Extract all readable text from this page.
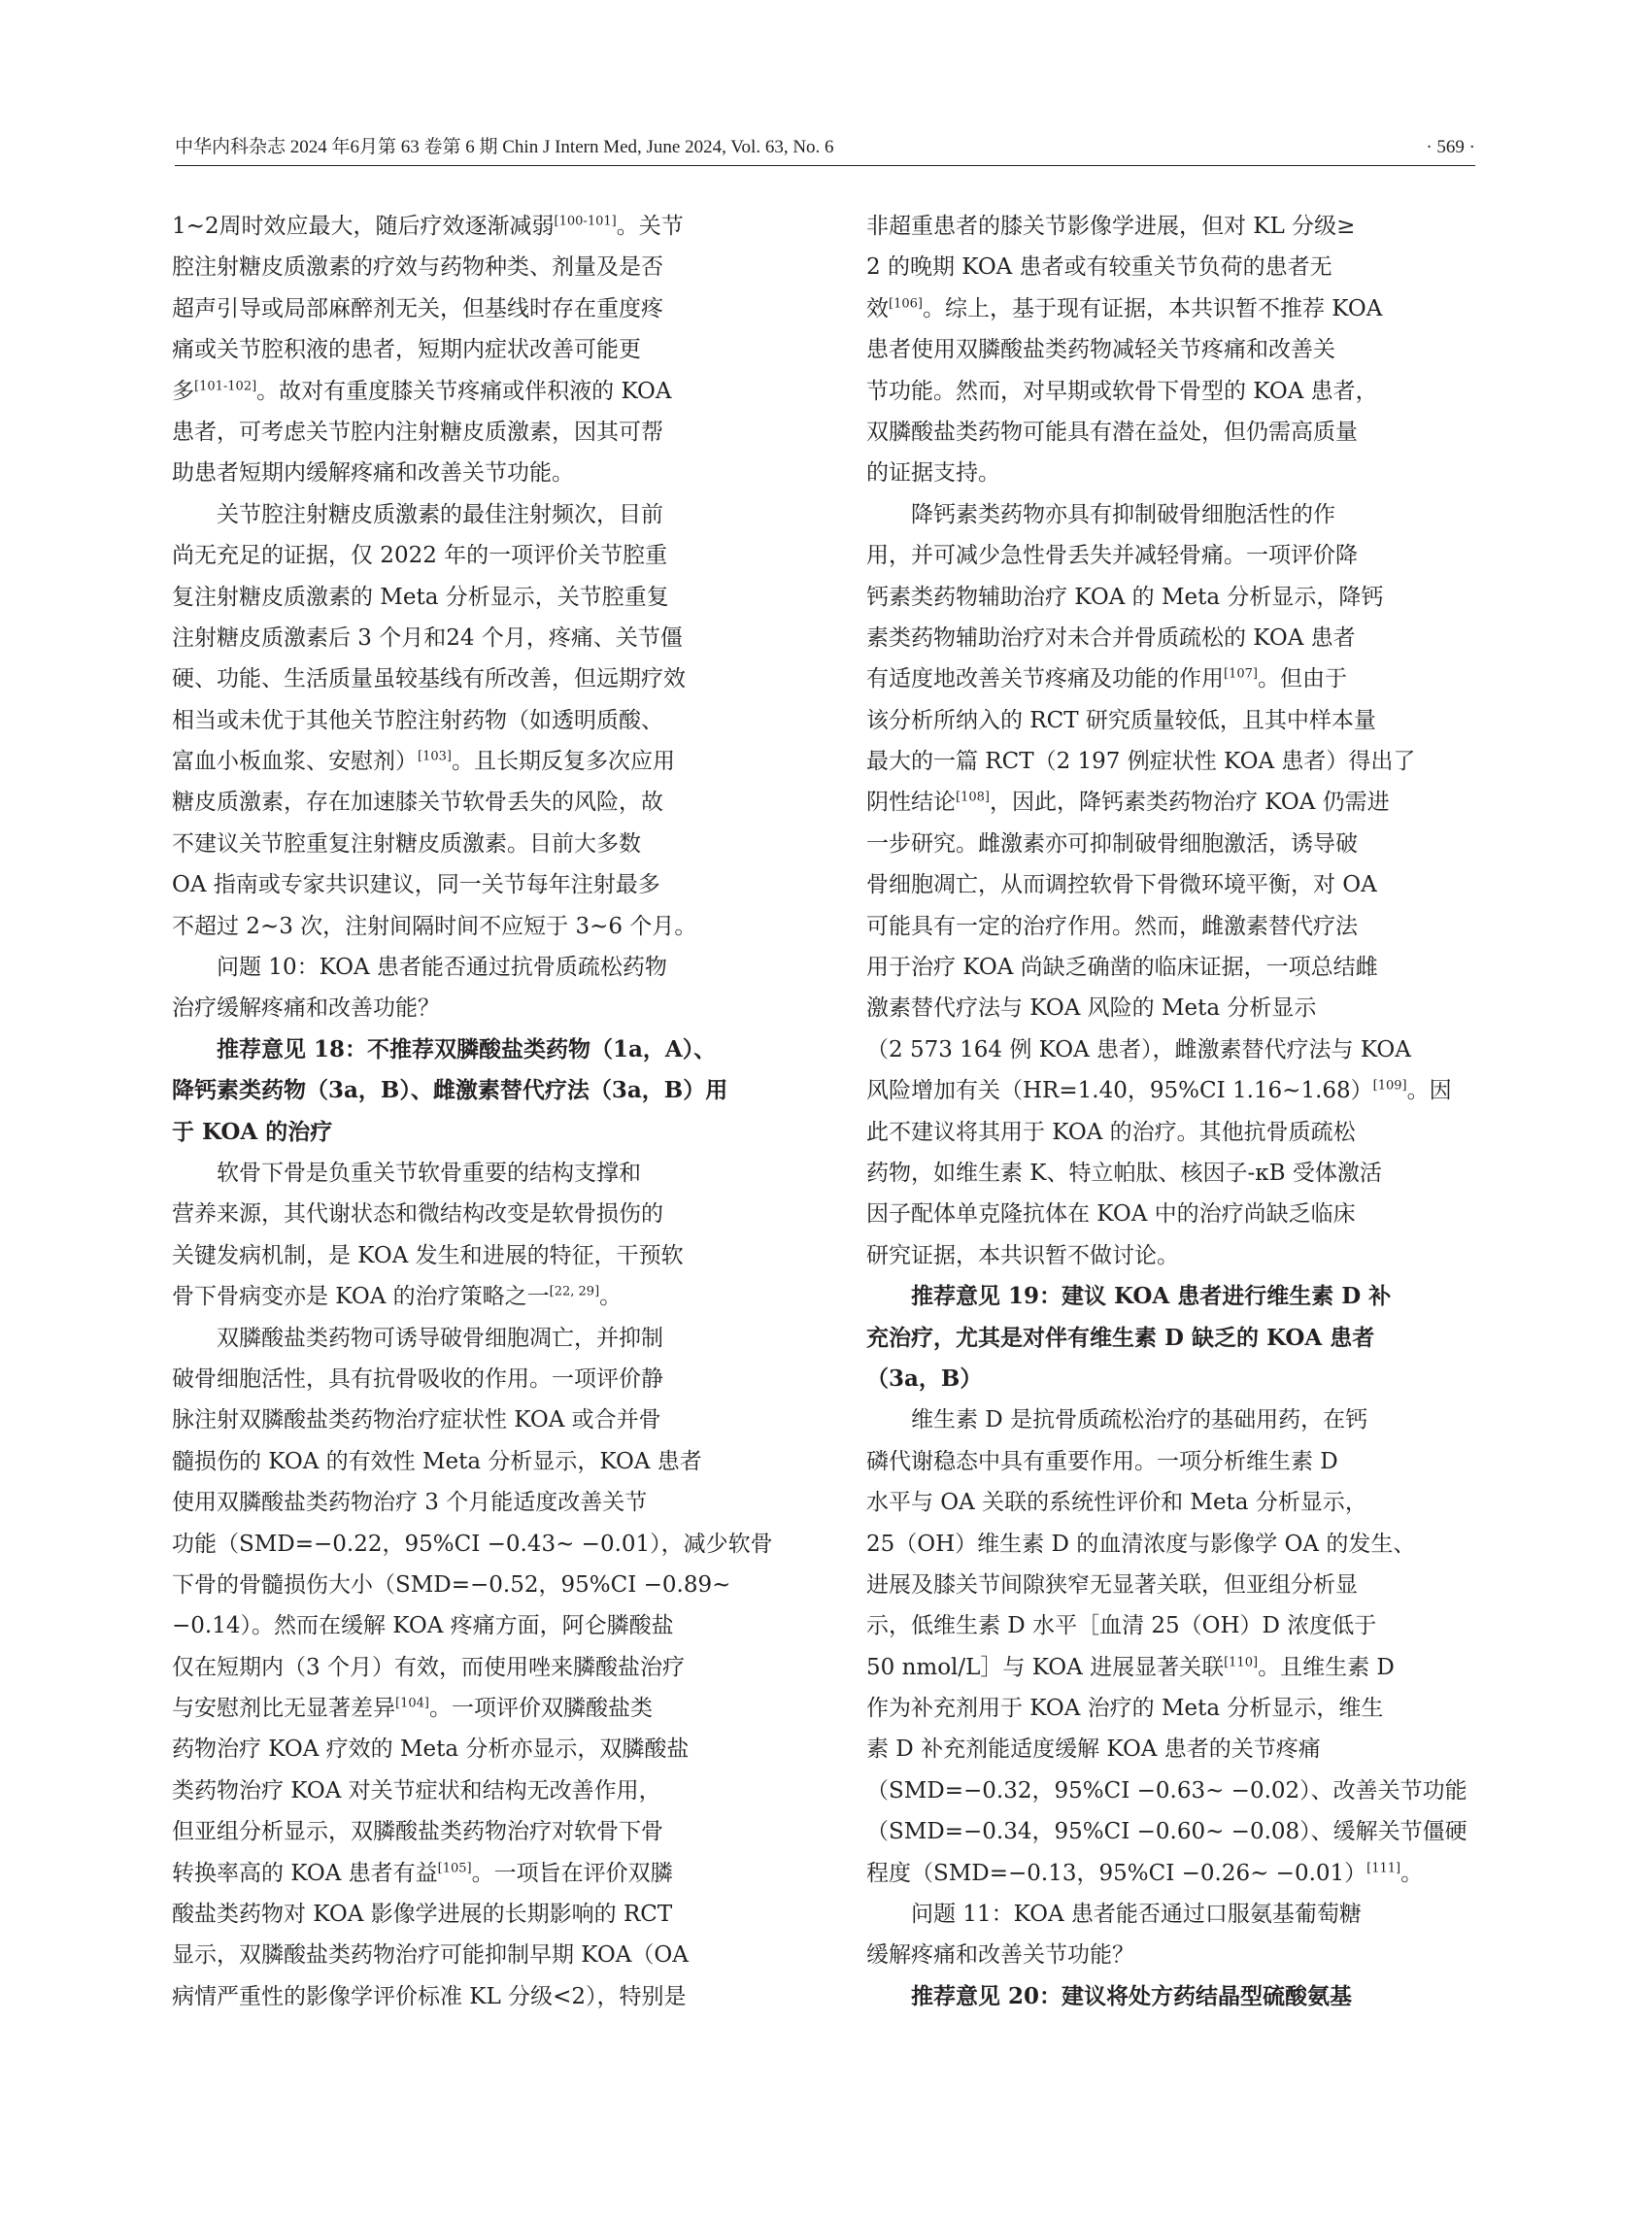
中华内科杂志 2024 年6月第 63 卷第 6 期 Chin J Intern Med, June 2024, Vol. 63, No. 6	· 569 ·
1~2周时效应最大，随后疗效逐渐减弱[100-101]。关节
腔注射糖皮质激素的疗效与药物种类、剂量及是否
超声引导或局部麻醉剂无关，但基线时存在重度疼
痛或关节腔积液的患者，短期内症状改善可能更
多[101-102]。故对有重度膝关节疼痛或伴积液的 KOA
患者，可考虑关节腔内注射糖皮质激素，因其可帮
助患者短期内缓解疼痛和改善关节功能。
　　关节腔注射糖皮质激素的最佳注射频次，目前
尚无充足的证据，仅 2022 年的一项评价关节腔重
复注射糖皮质激素的 Meta 分析显示，关节腔重复
注射糖皮质激素后 3 个月和24 个月，疼痛、关节僵
硬、功能、生活质量虽较基线有所改善，但远期疗效
相当或未优于其他关节腔注射药物（如透明质酸、
富血小板血浆、安慰剂）[103]。且长期反复多次应用
糖皮质激素，存在加速膝关节软骨丢失的风险，故
不建议关节腔重复注射糖皮质激素。目前大多数
OA 指南或专家共识建议，同一关节每年注射最多
不超过 2~3 次，注射间隔时间不应短于 3~6 个月。
　　问题 10：KOA 患者能否通过抗骨质疏松药物
治疗缓解疼痛和改善功能？
　　推荐意见 18：不推荐双膦酸盐类药物（1a，A）、
降钙素类药物（3a，B）、雌激素替代疗法（3a，B）用
于 KOA 的治疗
　　软骨下骨是负重关节软骨重要的结构支撑和
营养来源，其代谢状态和微结构改变是软骨损伤的
关键发病机制，是 KOA 发生和进展的特征，干预软
骨下骨病变亦是 KOA 的治疗策略之一[22, 29]。
　　双膦酸盐类药物可诱导破骨细胞凋亡，并抑制
破骨细胞活性，具有抗骨吸收的作用。一项评价静
脉注射双膦酸盐类药物治疗症状性 KOA 或合并骨
髓损伤的 KOA 的有效性 Meta 分析显示，KOA 患者
使用双膦酸盐类药物治疗 3 个月能适度改善关节
功能（SMD=−0.22，95%CI −0.43~ −0.01），减少软骨
下骨的骨髓损伤大小（SMD=−0.52，95%CI −0.89~
−0.14）。然而在缓解 KOA 疼痛方面，阿仑膦酸盐
仅在短期内（3 个月）有效，而使用唑来膦酸盐治疗
与安慰剂比无显著差异[104]。一项评价双膦酸盐类
药物治疗 KOA 疗效的 Meta 分析亦显示，双膦酸盐
类药物治疗 KOA 对关节症状和结构无改善作用，
但亚组分析显示，双膦酸盐类药物治疗对软骨下骨
转换率高的 KOA 患者有益[105]。一项旨在评价双膦
酸盐类药物对 KOA 影像学进展的长期影响的 RCT
显示，双膦酸盐类药物治疗可能抑制早期 KOA（OA
病情严重性的影像学评价标准 KL 分级<2），特别是
非超重患者的膝关节影像学进展，但对 KL 分级≥
2 的晚期 KOA 患者或有较重关节负荷的患者无
效[106]。综上，基于现有证据，本共识暂不推荐 KOA
患者使用双膦酸盐类药物减轻关节疼痛和改善关
节功能。然而，对早期或软骨下骨型的 KOA 患者，
双膦酸盐类药物可能具有潜在益处，但仍需高质量
的证据支持。
　　降钙素类药物亦具有抑制破骨细胞活性的作
用，并可减少急性骨丢失并减轻骨痛。一项评价降
钙素类药物辅助治疗 KOA 的 Meta 分析显示，降钙
素类药物辅助治疗对未合并骨质疏松的 KOA 患者
有适度地改善关节疼痛及功能的作用[107]。但由于
该分析所纳入的 RCT 研究质量较低，且其中样本量
最大的一篇 RCT（2 197 例症状性 KOA 患者）得出了
阴性结论[108]，因此，降钙素类药物治疗 KOA 仍需进
一步研究。雌激素亦可抑制破骨细胞激活，诱导破
骨细胞凋亡，从而调控软骨下骨微环境平衡，对 OA
可能具有一定的治疗作用。然而，雌激素替代疗法
用于治疗 KOA 尚缺乏确凿的临床证据，一项总结雌
激素替代疗法与 KOA 风险的 Meta 分析显示
（2 573 164 例 KOA 患者），雌激素替代疗法与 KOA
风险增加有关（HR=1.40，95%CI 1.16~1.68）[109]。因
此不建议将其用于 KOA 的治疗。其他抗骨质疏松
药物，如维生素 K、特立帕肽、核因子-κB 受体激活
因子配体单克隆抗体在 KOA 中的治疗尚缺乏临床
研究证据，本共识暂不做讨论。
　　推荐意见 19：建议 KOA 患者进行维生素 D 补
充治疗，尤其是对伴有维生素 D 缺乏的 KOA 患者
（3a，B）
　　维生素 D 是抗骨质疏松治疗的基础用药，在钙
磷代谢稳态中具有重要作用。一项分析维生素 D
水平与 OA 关联的系统性评价和 Meta 分析显示，
25（OH）维生素 D 的血清浓度与影像学 OA 的发生、
进展及膝关节间隙狭窄无显著关联，但亚组分析显
示，低维生素 D 水平［血清 25（OH）D 浓度低于
50 nmol/L］与 KOA 进展显著关联[110]。且维生素 D
作为补充剂用于 KOA 治疗的 Meta 分析显示，维生
素 D 补充剂能适度缓解 KOA 患者的关节疼痛
（SMD=−0.32，95%CI −0.63~ −0.02）、改善关节功能
（SMD=−0.34，95%CI −0.60~ −0.08）、缓解关节僵硬
程度（SMD=−0.13，95%CI −0.26~ −0.01）[111]。
　　问题 11：KOA 患者能否通过口服氨基葡萄糖
缓解疼痛和改善关节功能？
　　推荐意见 20：建议将处方药结晶型硫酸氨基
